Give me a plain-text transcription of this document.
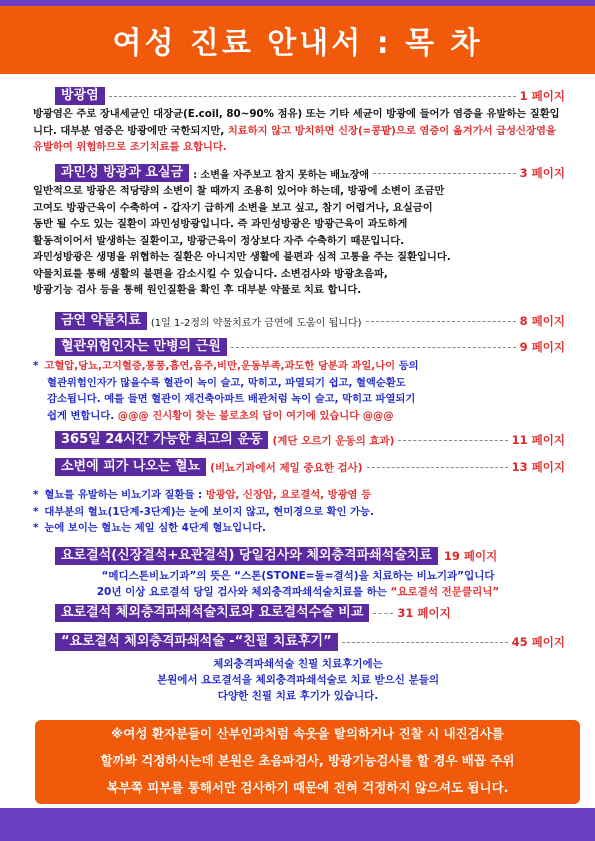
여성 진료 안내서 : 목 차
방광염	1 페이지

방광염은 주로 장내세균인 대장균(E.coil, 80~90% 점유) 또는 기타 세균이 방광에 들어가 염증을 유발하는 질환입니다. 대부분 염증은 방광에만 국한되지만, 치료하지 않고 방치하면 신장(=콩팥)으로 염증이 옮겨가서 급성신장염을 유발하여 위험하므로 조기치료를 요합니다.

과민성 방광과 요실금	: 소변을 자주보고 참지 못하는 배뇨장애	3 페이지
일반적으로 방광은 적당량의 소변이 찰 때까지 조용히 있어야 하는데, 방광에 소변이 조금만
고여도 방광근육이 수축하여 - 갑자기 급하게 소변을 보고 싶고, 참기 어렵거나, 요실금이
동반 될 수도 있는 질환이 과민성방광입니다. 즉 과민성방광은 방광근육이 과도하게
활동적이어서 발생하는 질환이고, 방광근육이 정상보다 자주 수축하기 때문입니다.
과민성방광은 생명을 위협하는 질환은 아니지만 생활에 불편과 심적 고통을 주는 질환입니다.
약물치료를 통해 생활의 불편을 감소시킬 수 있습니다. 소변검사와 방광초음파,
방광기능 검사 등을 통해 원인질환을 확인 후 대부분 약물로 치료 합니다.
금연 약물치료	(1일 1-2정의 약물치료가 금연에 도움이 됩니다)	8 페이지
혈관위험인자는 만병의 근원	9 페이지
* 고혈압,당뇨,고지혈증,통풍,흡연,음주,비만,운동부족,과도한 당분과 과일,나이 등의
혈관위험인자가 많을수록 혈관이 녹이 슬고, 막히고, 파열되기 쉽고, 혈액순환도
감소됩니다. 예를 들면 혈관이 재건축아파트 배관처럼 녹이 슬고, 막히고 파열되기
쉽게 변합니다. @@@ 진시황이 찾는 불로초의 답이 여기에 있습니다 @@@
365일 24시간 가능한 최고의 운동 (계단 오르기 운동의 효과)	11 페이지
소변에 피가 나오는 혈뇨 (비뇨기과에서 제일 중요한 검사)	13 페이지
* 혈뇨를 유발하는 비뇨기과 질환들 : 방광암, 신장암, 요로결석, 방광염 등
* 대부분의 혈뇨(1단계-3단계)는 눈에 보이지 않고, 현미경으로 확인 가능.
* 눈에 보이는 혈뇨는 제일 심한 4단계 혈뇨입니다.
요로결석(신장결석+요관결석) 당일검사와 체외충격파쇄석술치료	19 페이지

“메디스톤비뇨기과”의 뜻은 “스톤(STONE=돌=결석)을 치료하는 비뇨기과”입니다

20년 이상 요로결석 당일 검사와 체외충격파쇄석술치료를 하는 “요로결석 전문클리닉”

요로결석 체외충격파쇄석술치료와 요로결석수술 비교	31 페이지
“요로결석 체외충격파쇄석술 -“친필 치료후기”	45 페이지
체외충격파쇄석술 친필 치료후기에는
본원에서 요로결석을 체외충격파쇄석술로 치료 받으신 분들의
다양한 친필 치료 후기가 있습니다.

※여성 환자분들이 산부인과처럼 속옷을 탈의하거나 진찰 시 내진검사를

할까봐 걱정하시는데 본원은 초음파검사, 방광기능검사를 할 경우 배꼽 주위

복부쪽 피부를 통해서만 검사하기 때문에 전혀 걱정하지 않으셔도 됩니다.
